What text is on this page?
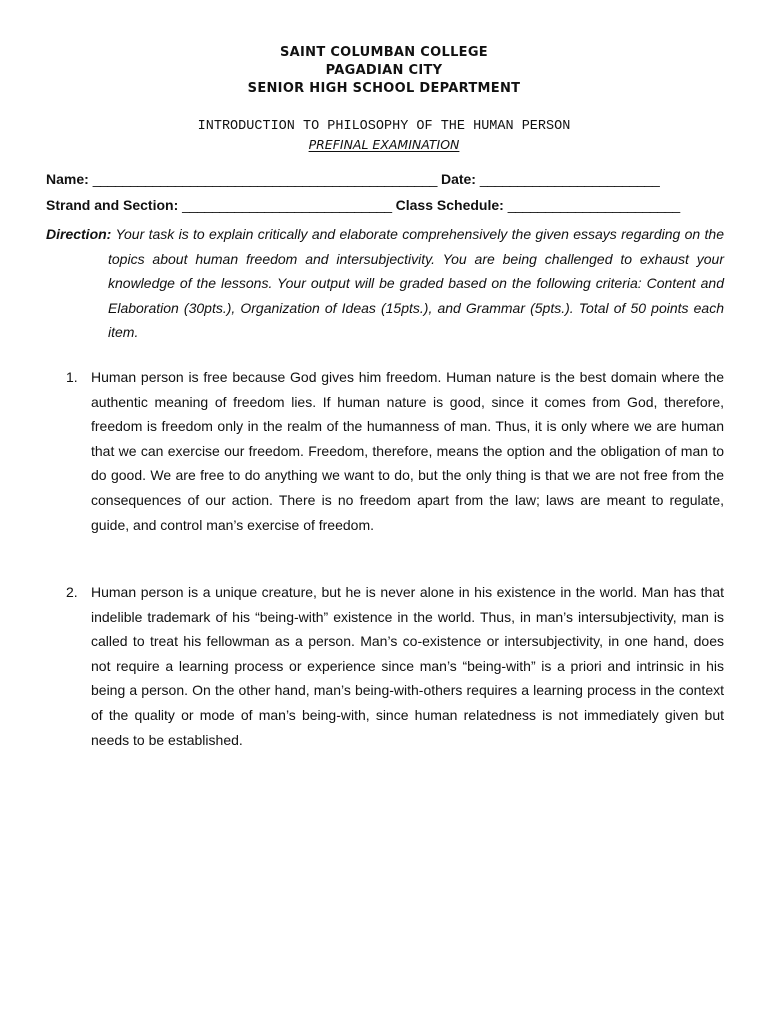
SAINT COLUMBAN COLLEGE
PAGADIAN CITY
SENIOR HIGH SCHOOL DEPARTMENT
INTRODUCTION TO PHILOSOPHY OF THE HUMAN PERSON
PREFINAL EXAMINATION
Name: ______________________________________________ Date: ________________________
Strand and Section: ____________________________ Class Schedule: _______________________
Direction: Your task is to explain critically and elaborate comprehensively the given essays regarding on the
topics about human freedom and intersubjectivity. You are being challenged to exhaust your
knowledge of the lessons. Your output will be graded based on the following criteria: Content and
Elaboration (30pts.), Organization of Ideas (15pts.), and Grammar (5pts.). Total of 50 points each item.
1. Human person is free because God gives him freedom. Human nature is the best domain where the authentic meaning of freedom lies. If human nature is good, since it comes from God, therefore, freedom is freedom only in the realm of the humanness of man. Thus, it is only where we are human that we can exercise our freedom. Freedom, therefore, means the option and the obligation of man to do good. We are free to do anything we want to do, but the only thing is that we are not free from the consequences of our action. There is no freedom apart from the law; laws are meant to regulate, guide, and control man’s exercise of freedom.
2. Human person is a unique creature, but he is never alone in his existence in the world. Man has that indelible trademark of his “being-with” existence in the world. Thus, in man’s intersubjectivity, man is called to treat his fellowman as a person. Man’s co-existence or intersubjectivity, in one hand, does not require a learning process or experience since man’s “being-with” is a priori and intrinsic in his being a person. On the other hand, man’s being-with-others requires a learning process in the context of the quality or mode of man’s being-with, since human relatedness is not immediately given but needs to be established.
